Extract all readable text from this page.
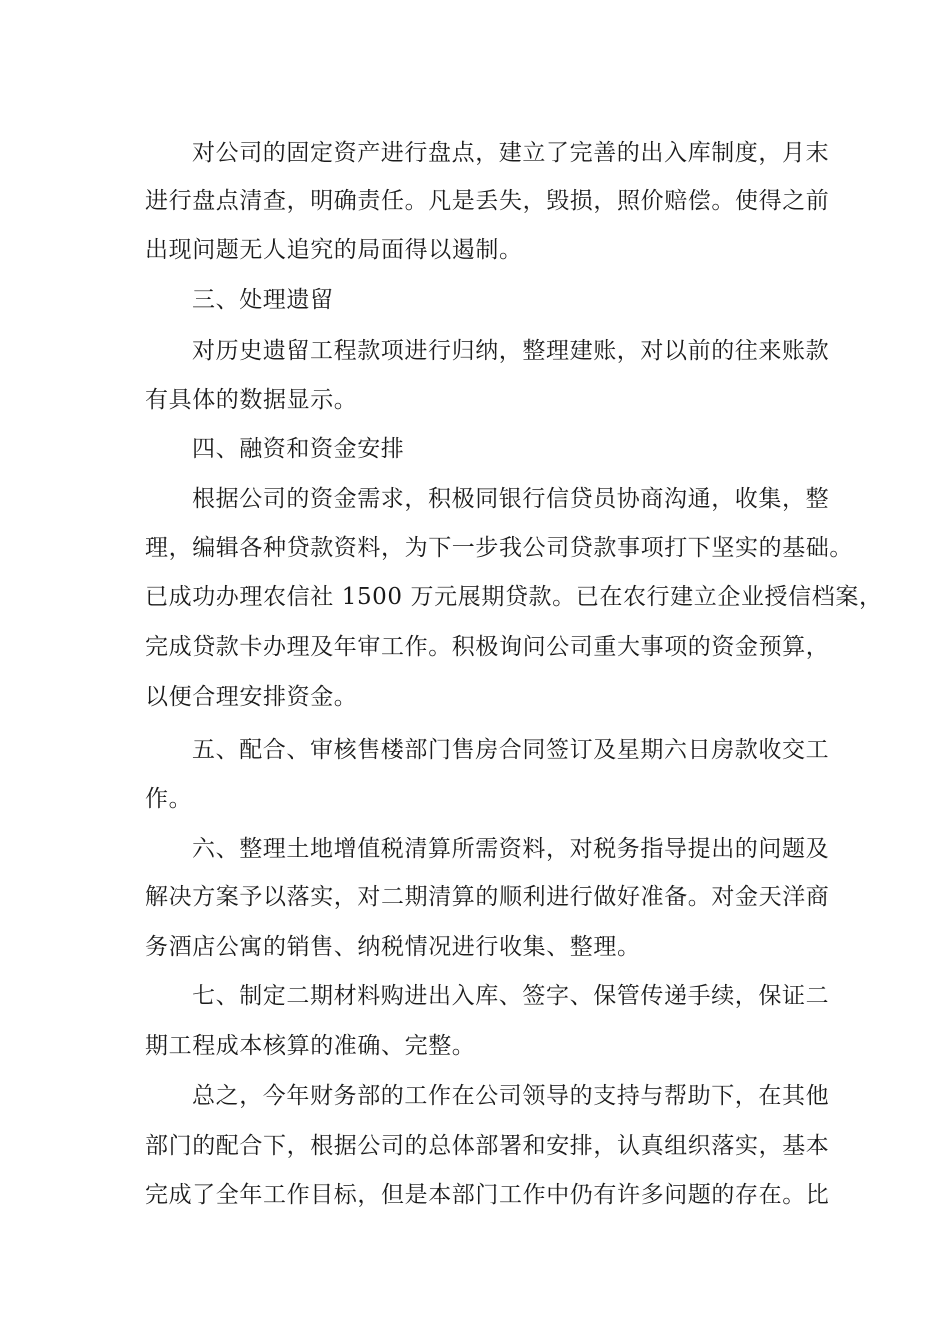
对公司的固定资产进行盘点，建立了完善的出入库制度，月末
进行盘点清查，明确责任。凡是丢失，毁损，照价赔偿。使得之前
出现问题无人追究的局面得以遏制。
三、处理遗留
对历史遗留工程款项进行归纳，整理建账，对以前的往来账款
有具体的数据显示。
四、融资和资金安排
根据公司的资金需求，积极同银行信贷员协商沟通，收集，整
理，编辑各种贷款资料，为下一步我公司贷款事项打下坚实的基础。
已成功办理农信社 1500 万元展期贷款。已在农行建立企业授信档案，
完成贷款卡办理及年审工作。积极询问公司重大事项的资金预算，
以便合理安排资金。
五、配合、审核售楼部门售房合同签订及星期六日房款收交工
作。
六、整理土地增值税清算所需资料，对税务指导提出的问题及
解决方案予以落实，对二期清算的顺利进行做好准备。对金天洋商
务酒店公寓的销售、纳税情况进行收集、整理。
七、制定二期材料购进出入库、签字、保管传递手续，保证二
期工程成本核算的准确、完整。
总之，今年财务部的工作在公司领导的支持与帮助下，在其他
部门的配合下，根据公司的总体部署和安排，认真组织落实，基本
完成了全年工作目标，但是本部门工作中仍有许多问题的存在。比
